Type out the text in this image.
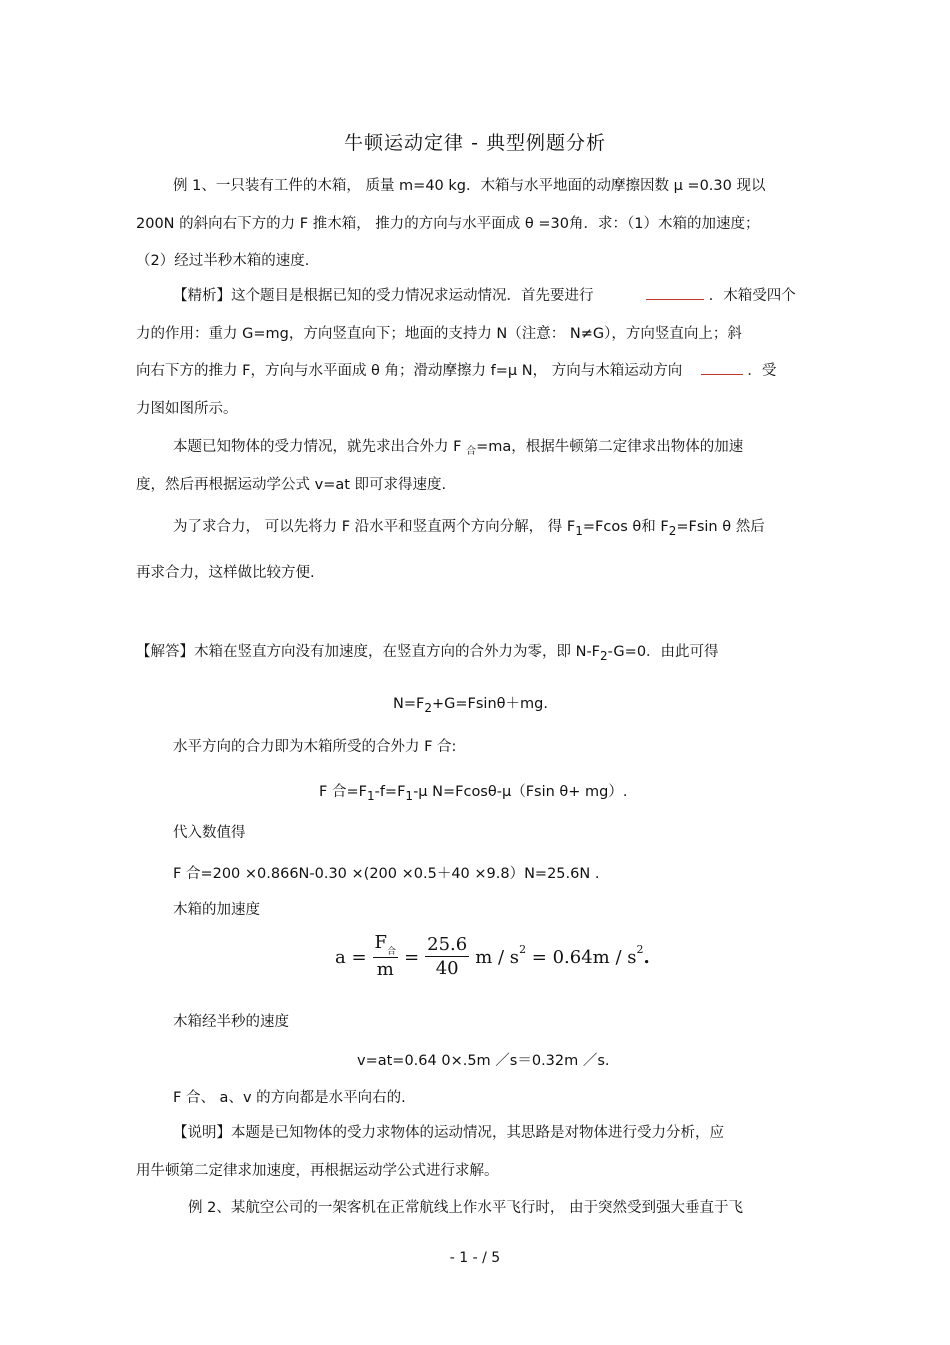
牛顿运动定律 - 典型例题分析
例 1、一只装有工件的木箱， 质量 m=40 kg．木箱与水平地面的动摩擦因数 μ =0.30 现以
200N 的斜向右下方的力 F 推木箱， 推力的方向与水平面成 θ =30角．求：（1）木箱的加速度；
（2）经过半秒木箱的速度.
【精析】这个题目是根据已知的受力情况求运动情况．首先要进行	．木箱受四个
力的作用：重力 G=mg，方向竖直向下；地面的支持力 N（注意： N≠G），方向竖直向上；斜
向右下方的推力 F，方向与水平面成 θ 角；滑动摩擦力 f=μ N， 方向与木箱运动方向	．受
力图如图所示。
本题已知物体的受力情况，就先求出合外力 F $_合$=ma，根据牛顿第二定律求出物体的加速
度，然后再根据运动学公式 v=at 即可求得速度.
为了求合力， 可以先将力 F 沿水平和竖直两个方向分解， 得 $F_1=Fcos$ θ和 $F_2=Fsin$ θ 然后
再求合力，这样做比较方便.
【解答】木箱在竖直方向没有加速度，在竖直方向的合外力为零，即 $N-F_2-G=0$．由此可得
$N=F_2+G=Fsin\theta+mg$.
水平方向的合力即为木箱所受的合外力 F 合:
F 合$=F_1-f=F_1-\mu$ N=Fcosθ-μ（Fsin θ+ mg）.
代入数值得
F 合=200 ×0.866N-0.30 ×(200 ×0.5＋40 ×9.8）N=25.6N .
木箱的加速度
$a = \frac{F_合}{m} = \frac{25.6}{40}$ m / s 2 = 0.64m / s 2 .
木箱经半秒的速度
v=at=0.64 0×.5m ／s＝0.32m ／s.
F 合、 a、v 的方向都是水平向右的.
【说明】本题是已知物体的受力求物体的运动情况，其思路是对物体进行受力分析，应
用牛顿第二定律求加速度，再根据运动学公式进行求解。
例 2、某航空公司的一架客机在正常航线上作水平飞行时， 由于突然受到强大垂直于飞
- 1 - / 5
